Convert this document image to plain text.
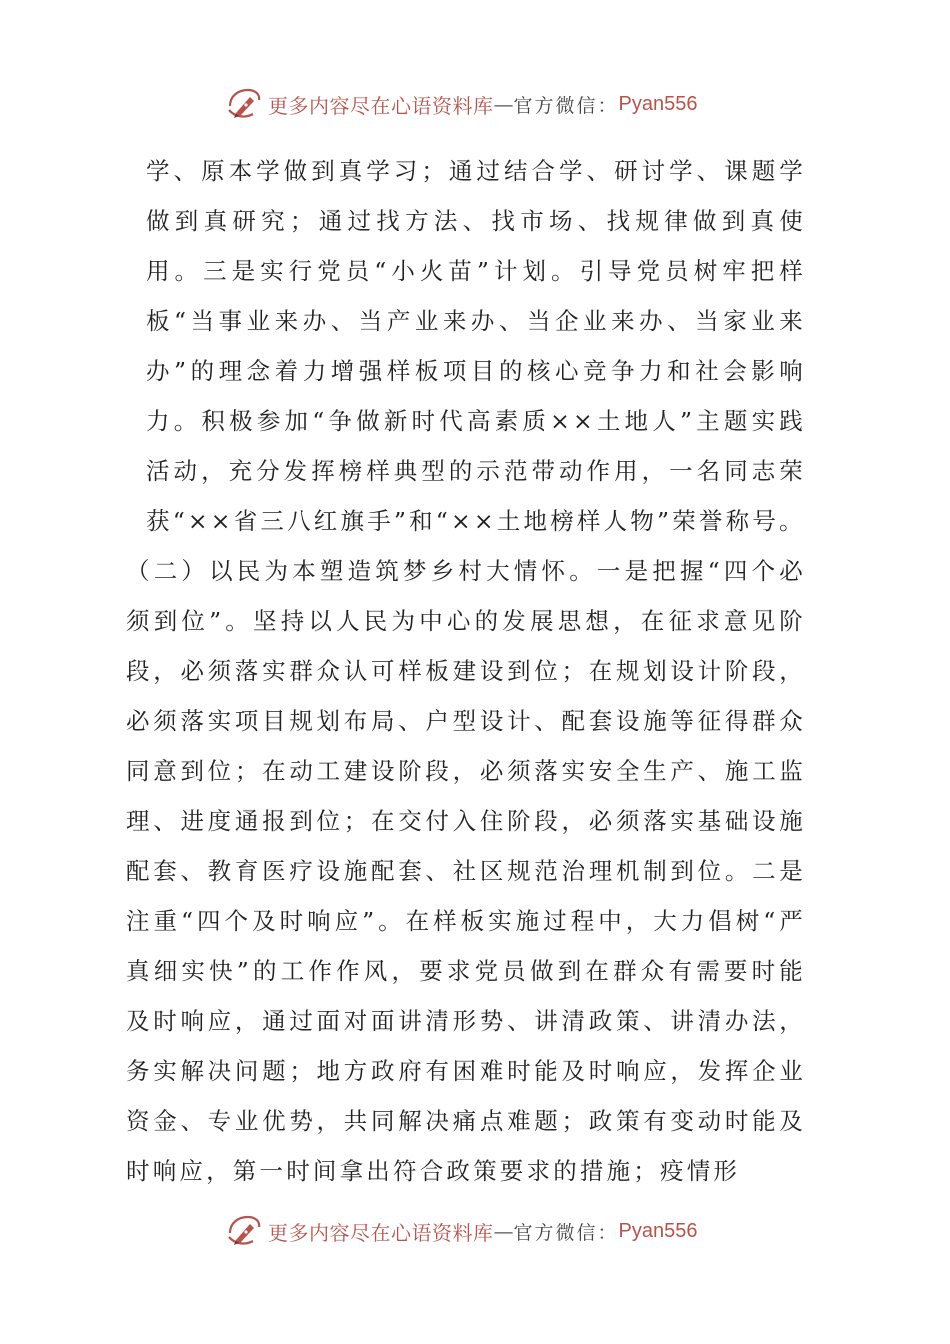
更多内容尽在心语资料库 — 官方微信： Pyan556

学、原本学做到真学习；通过结合学、研讨学、课题学做到真研究；通过找方法、找市场、找规律做到真使用。三是实行党员“小火苗”计划。引导党员树牢把样板“当事业来办、当产业来办、当企业来办、当家业来办”的理念着力增强样板项目的核心竞争力和社会影响力。积极参加“争做新时代高素质××土地人”主题实践活动，充分发挥榜样典型的示范带动作用，一名同志荣获“××省三八红旗手”和“××土地榜样人物”荣誉称号。

（二）以民为本塑造筑梦乡村大情怀。一是把握“四个必须到位”。坚持以人民为中心的发展思想，在征求意见阶段，必须落实群众认可样板建设到位；在规划设计阶段，必须落实项目规划布局、户型设计、配套设施等征得群众同意到位；在动工建设阶段，必须落实安全生产、施工监理、进度通报到位；在交付入住阶段，必须落实基础设施配套、教育医疗设施配套、社区规范治理机制到位。二是注重“四个及时响应”。在样板实施过程中，大力倡树“严真细实快”的工作作风，要求党员做到在群众有需要时能及时响应，通过面对面讲清形势、讲清政策、讲清办法，务实解决问题；地方政府有困难时能及时响应，发挥企业资金、专业优势，共同解决痛点难题；政策有变动时能及时响应，第一时间拿出符合政策要求的措施；疫情形

更多内容尽在心语资料库 — 官方微信： Pyan556
